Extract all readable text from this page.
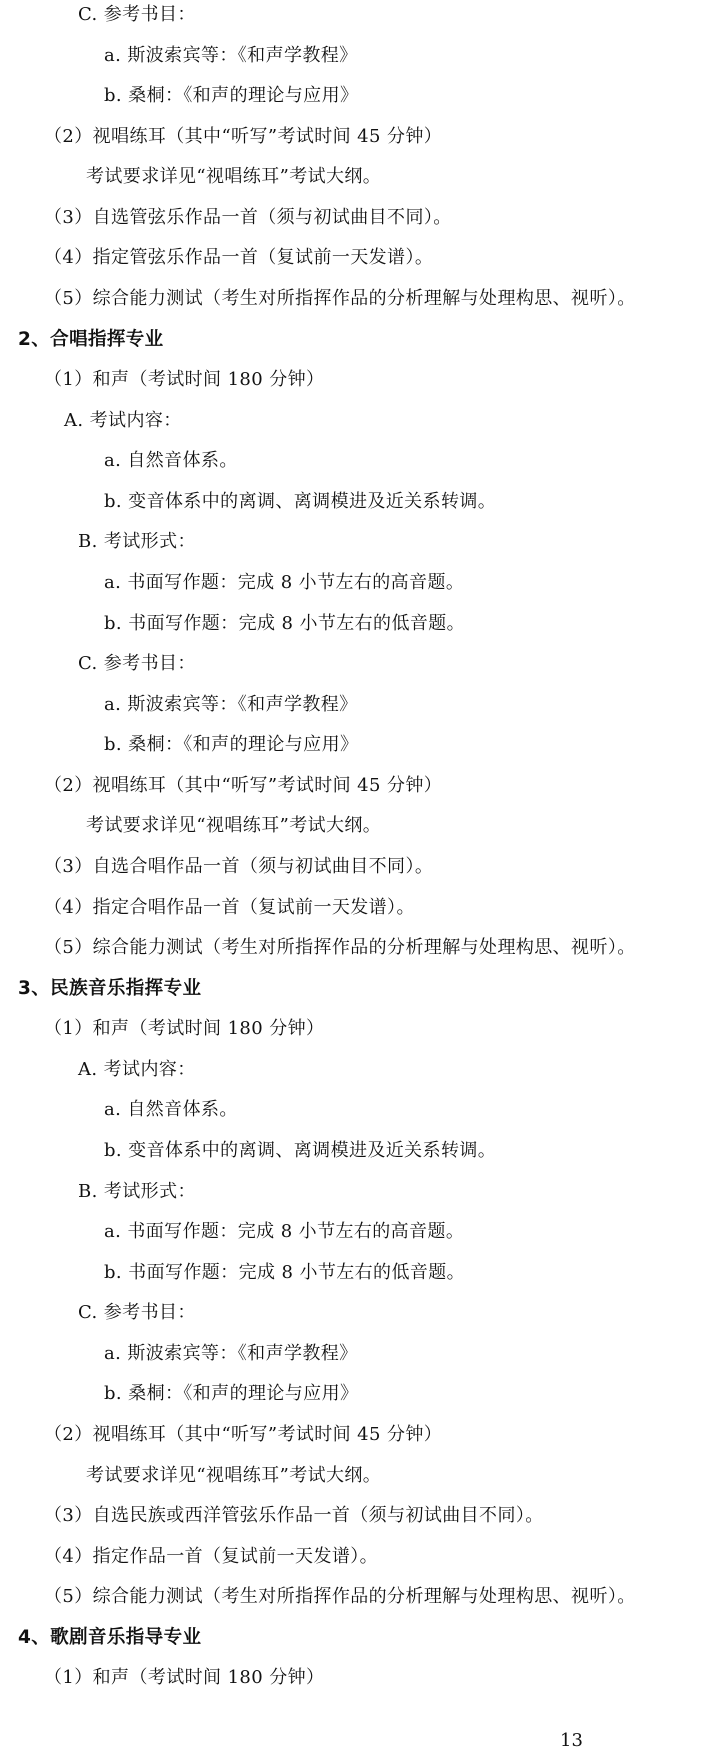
C. 参考书目：
a. 斯波索宾等：《和声学教程》
b. 桑桐：《和声的理论与应用》
（2）视唱练耳（其中“听写”考试时间 45 分钟）
考试要求详见“视唱练耳”考试大纲。
（3）自选管弦乐作品一首（须与初试曲目不同）。
（4）指定管弦乐作品一首（复试前一天发谱）。
（5）综合能力测试（考生对所指挥作品的分析理解与处理构思、视听）。
2、合唱指挥专业
（1）和声（考试时间 180 分钟）
A. 考试内容：
a. 自然音体系。
b. 变音体系中的离调、离调模进及近关系转调。
B. 考试形式：
a. 书面写作题：完成 8 小节左右的高音题。
b. 书面写作题：完成 8 小节左右的低音题。
C. 参考书目：
a. 斯波索宾等：《和声学教程》
b. 桑桐：《和声的理论与应用》
（2）视唱练耳（其中“听写”考试时间 45 分钟）
考试要求详见“视唱练耳”考试大纲。
（3）自选合唱作品一首（须与初试曲目不同）。
（4）指定合唱作品一首（复试前一天发谱）。
（5）综合能力测试（考生对所指挥作品的分析理解与处理构思、视听）。
3、民族音乐指挥专业
（1）和声（考试时间 180 分钟）
A. 考试内容：
a. 自然音体系。
b. 变音体系中的离调、离调模进及近关系转调。
B. 考试形式：
a. 书面写作题：完成 8 小节左右的高音题。
b. 书面写作题：完成 8 小节左右的低音题。
C. 参考书目：
a. 斯波索宾等：《和声学教程》
b. 桑桐：《和声的理论与应用》
（2）视唱练耳（其中“听写”考试时间 45 分钟）
考试要求详见“视唱练耳”考试大纲。
（3）自选民族或西洋管弦乐作品一首（须与初试曲目不同）。
（4）指定作品一首（复试前一天发谱）。
（5）综合能力测试（考生对所指挥作品的分析理解与处理构思、视听）。
4、歌剧音乐指导专业
（1）和声（考试时间 180 分钟）
13
